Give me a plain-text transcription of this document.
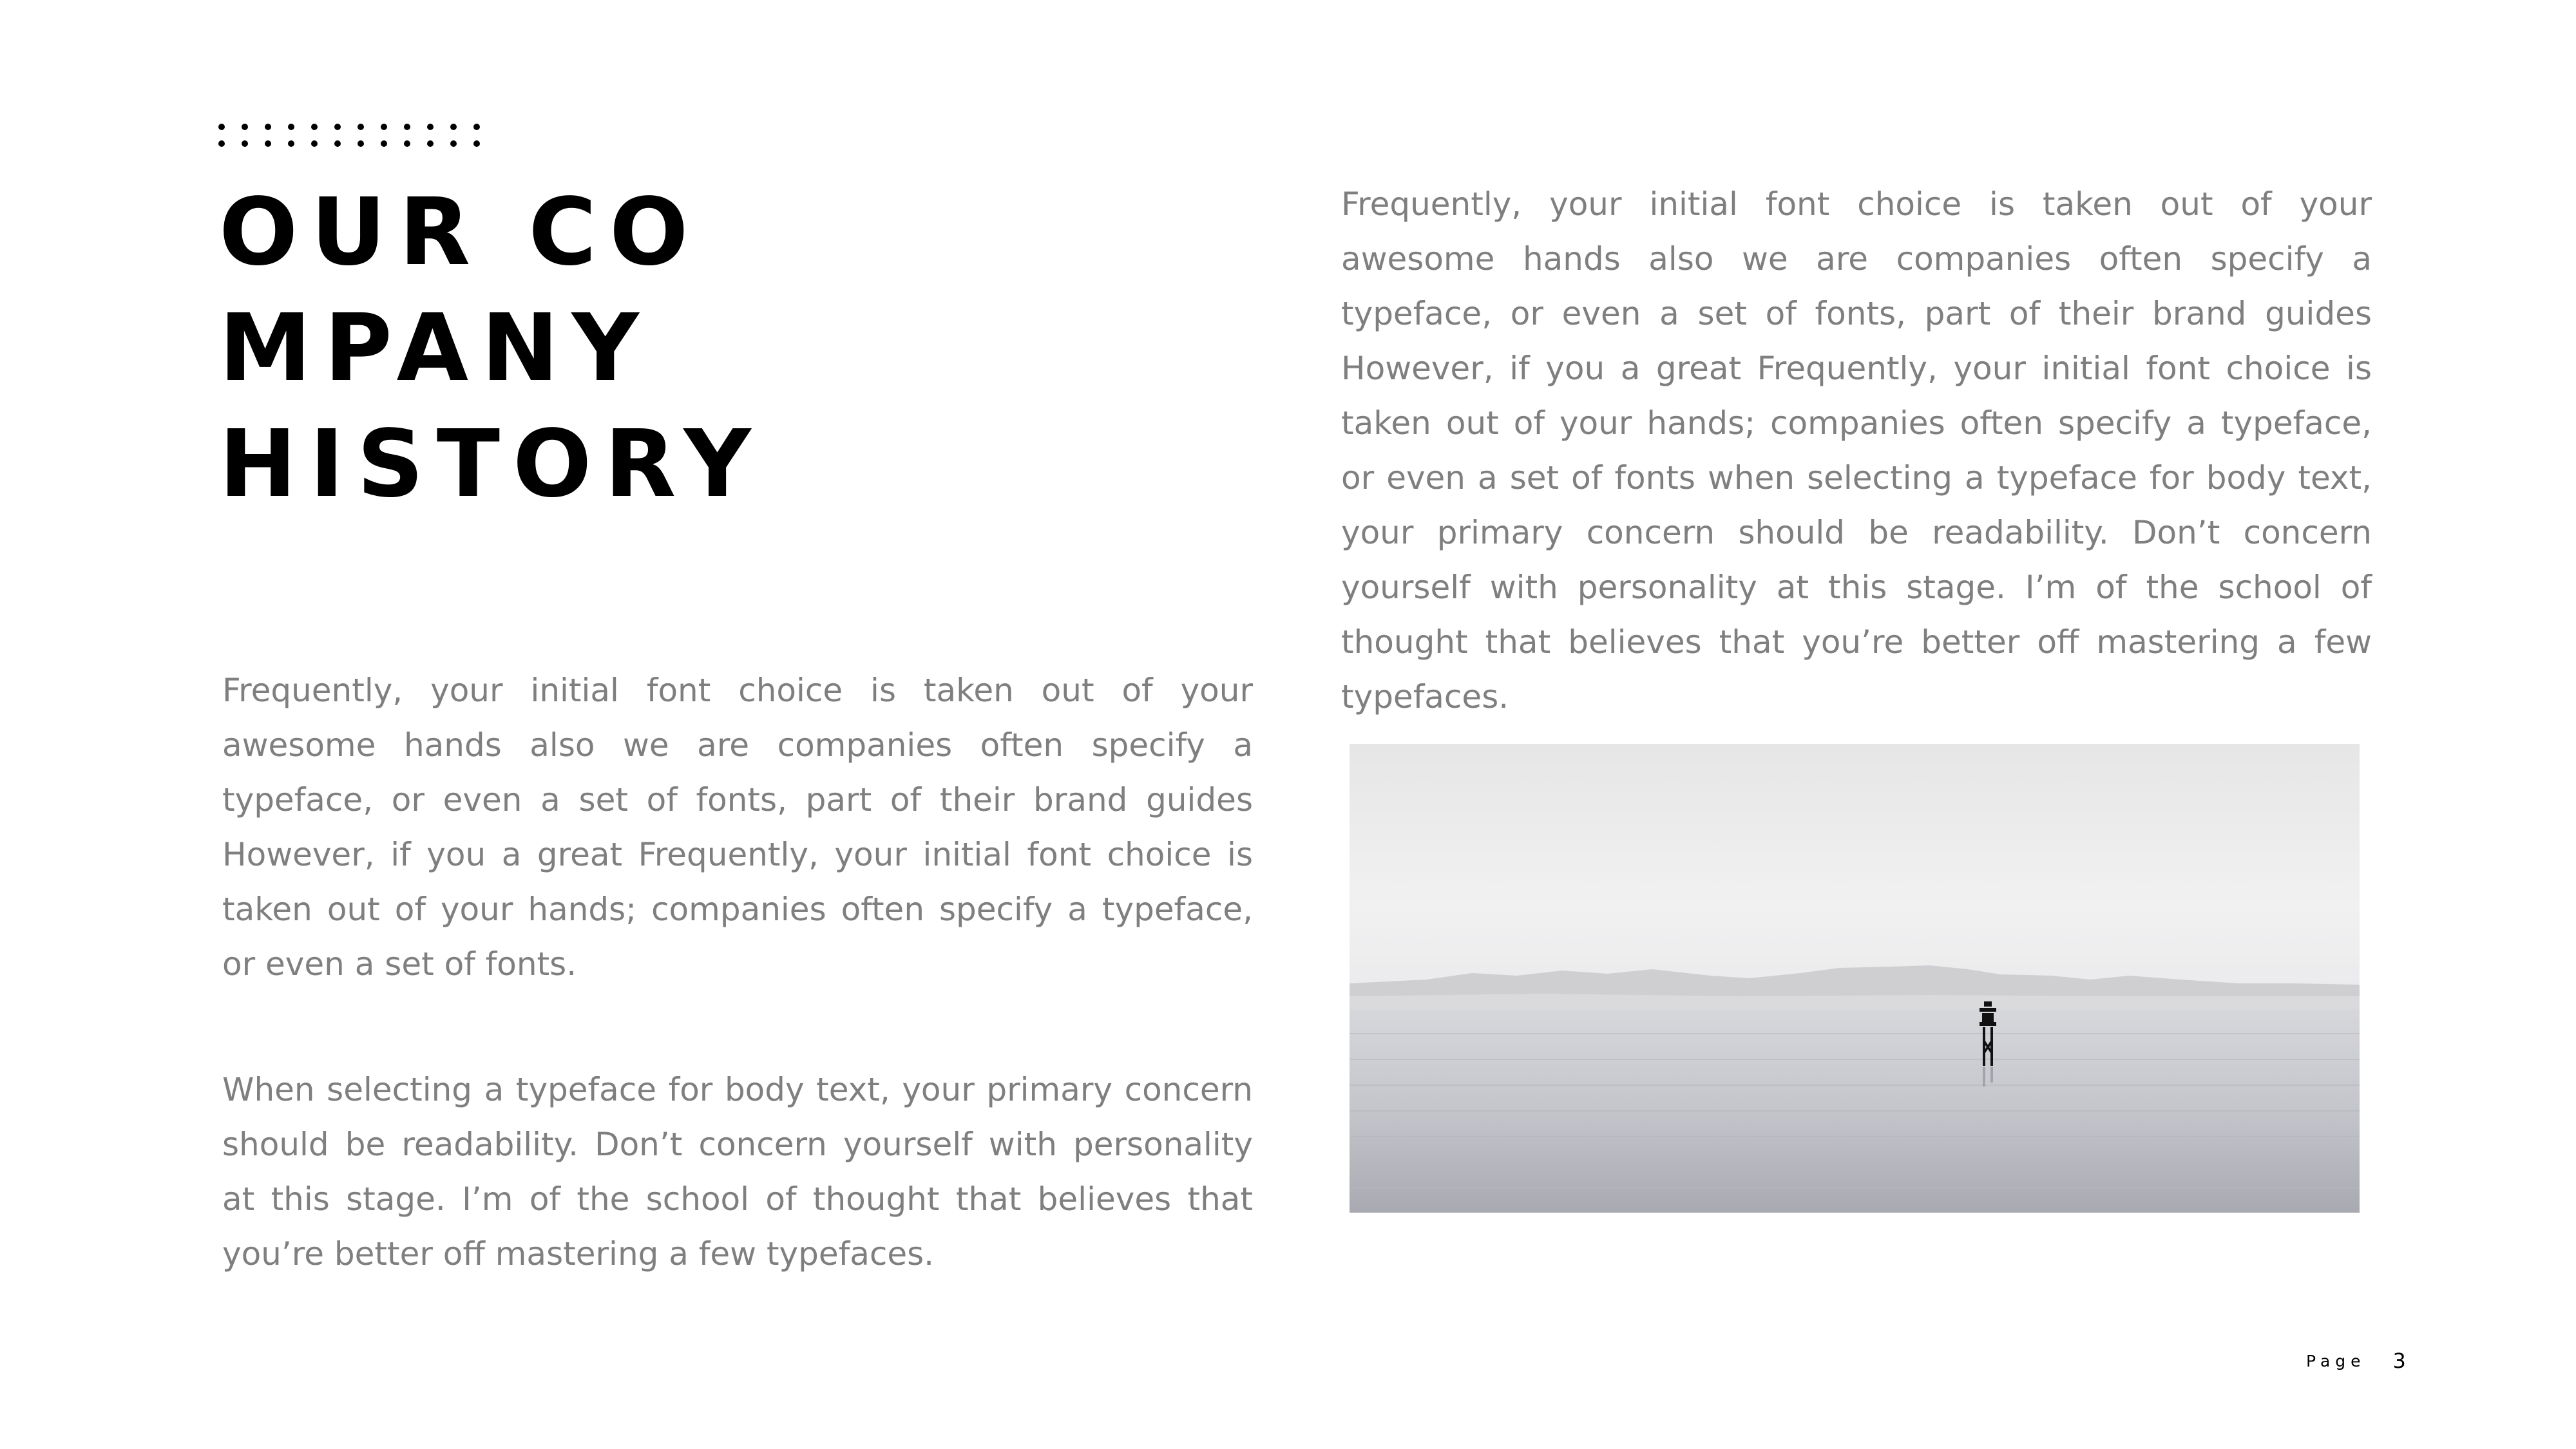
OUR COMPANY HISTORY

Frequently, your initial font choice is taken out of your awesome hands also we are companies often specify a typeface, or even a set of fonts, part of their brand guides However, if you a great Frequently, your initial font choice is taken out of your hands; companies often specify a typeface, or even a set of fonts.

When selecting a typeface for body text, your primary concern should be readability. Don’t concern yourself with personality at this stage. I’m of the school of thought that believes that you’re better off mastering a few typefaces.

Frequently, your initial font choice is taken out of your awesome hands also we are companies often specify a typeface, or even a set of fonts, part of their brand guides However, if you a great Frequently, your initial font choice is taken out of your hands; companies often specify a typeface, or even a set of fonts when selecting a typeface for body text, your primary concern should be readability. Don’t concern yourself with personality at this stage. I’m of the school of thought that believes that you’re better off mastering a few typefaces.

Page 3
